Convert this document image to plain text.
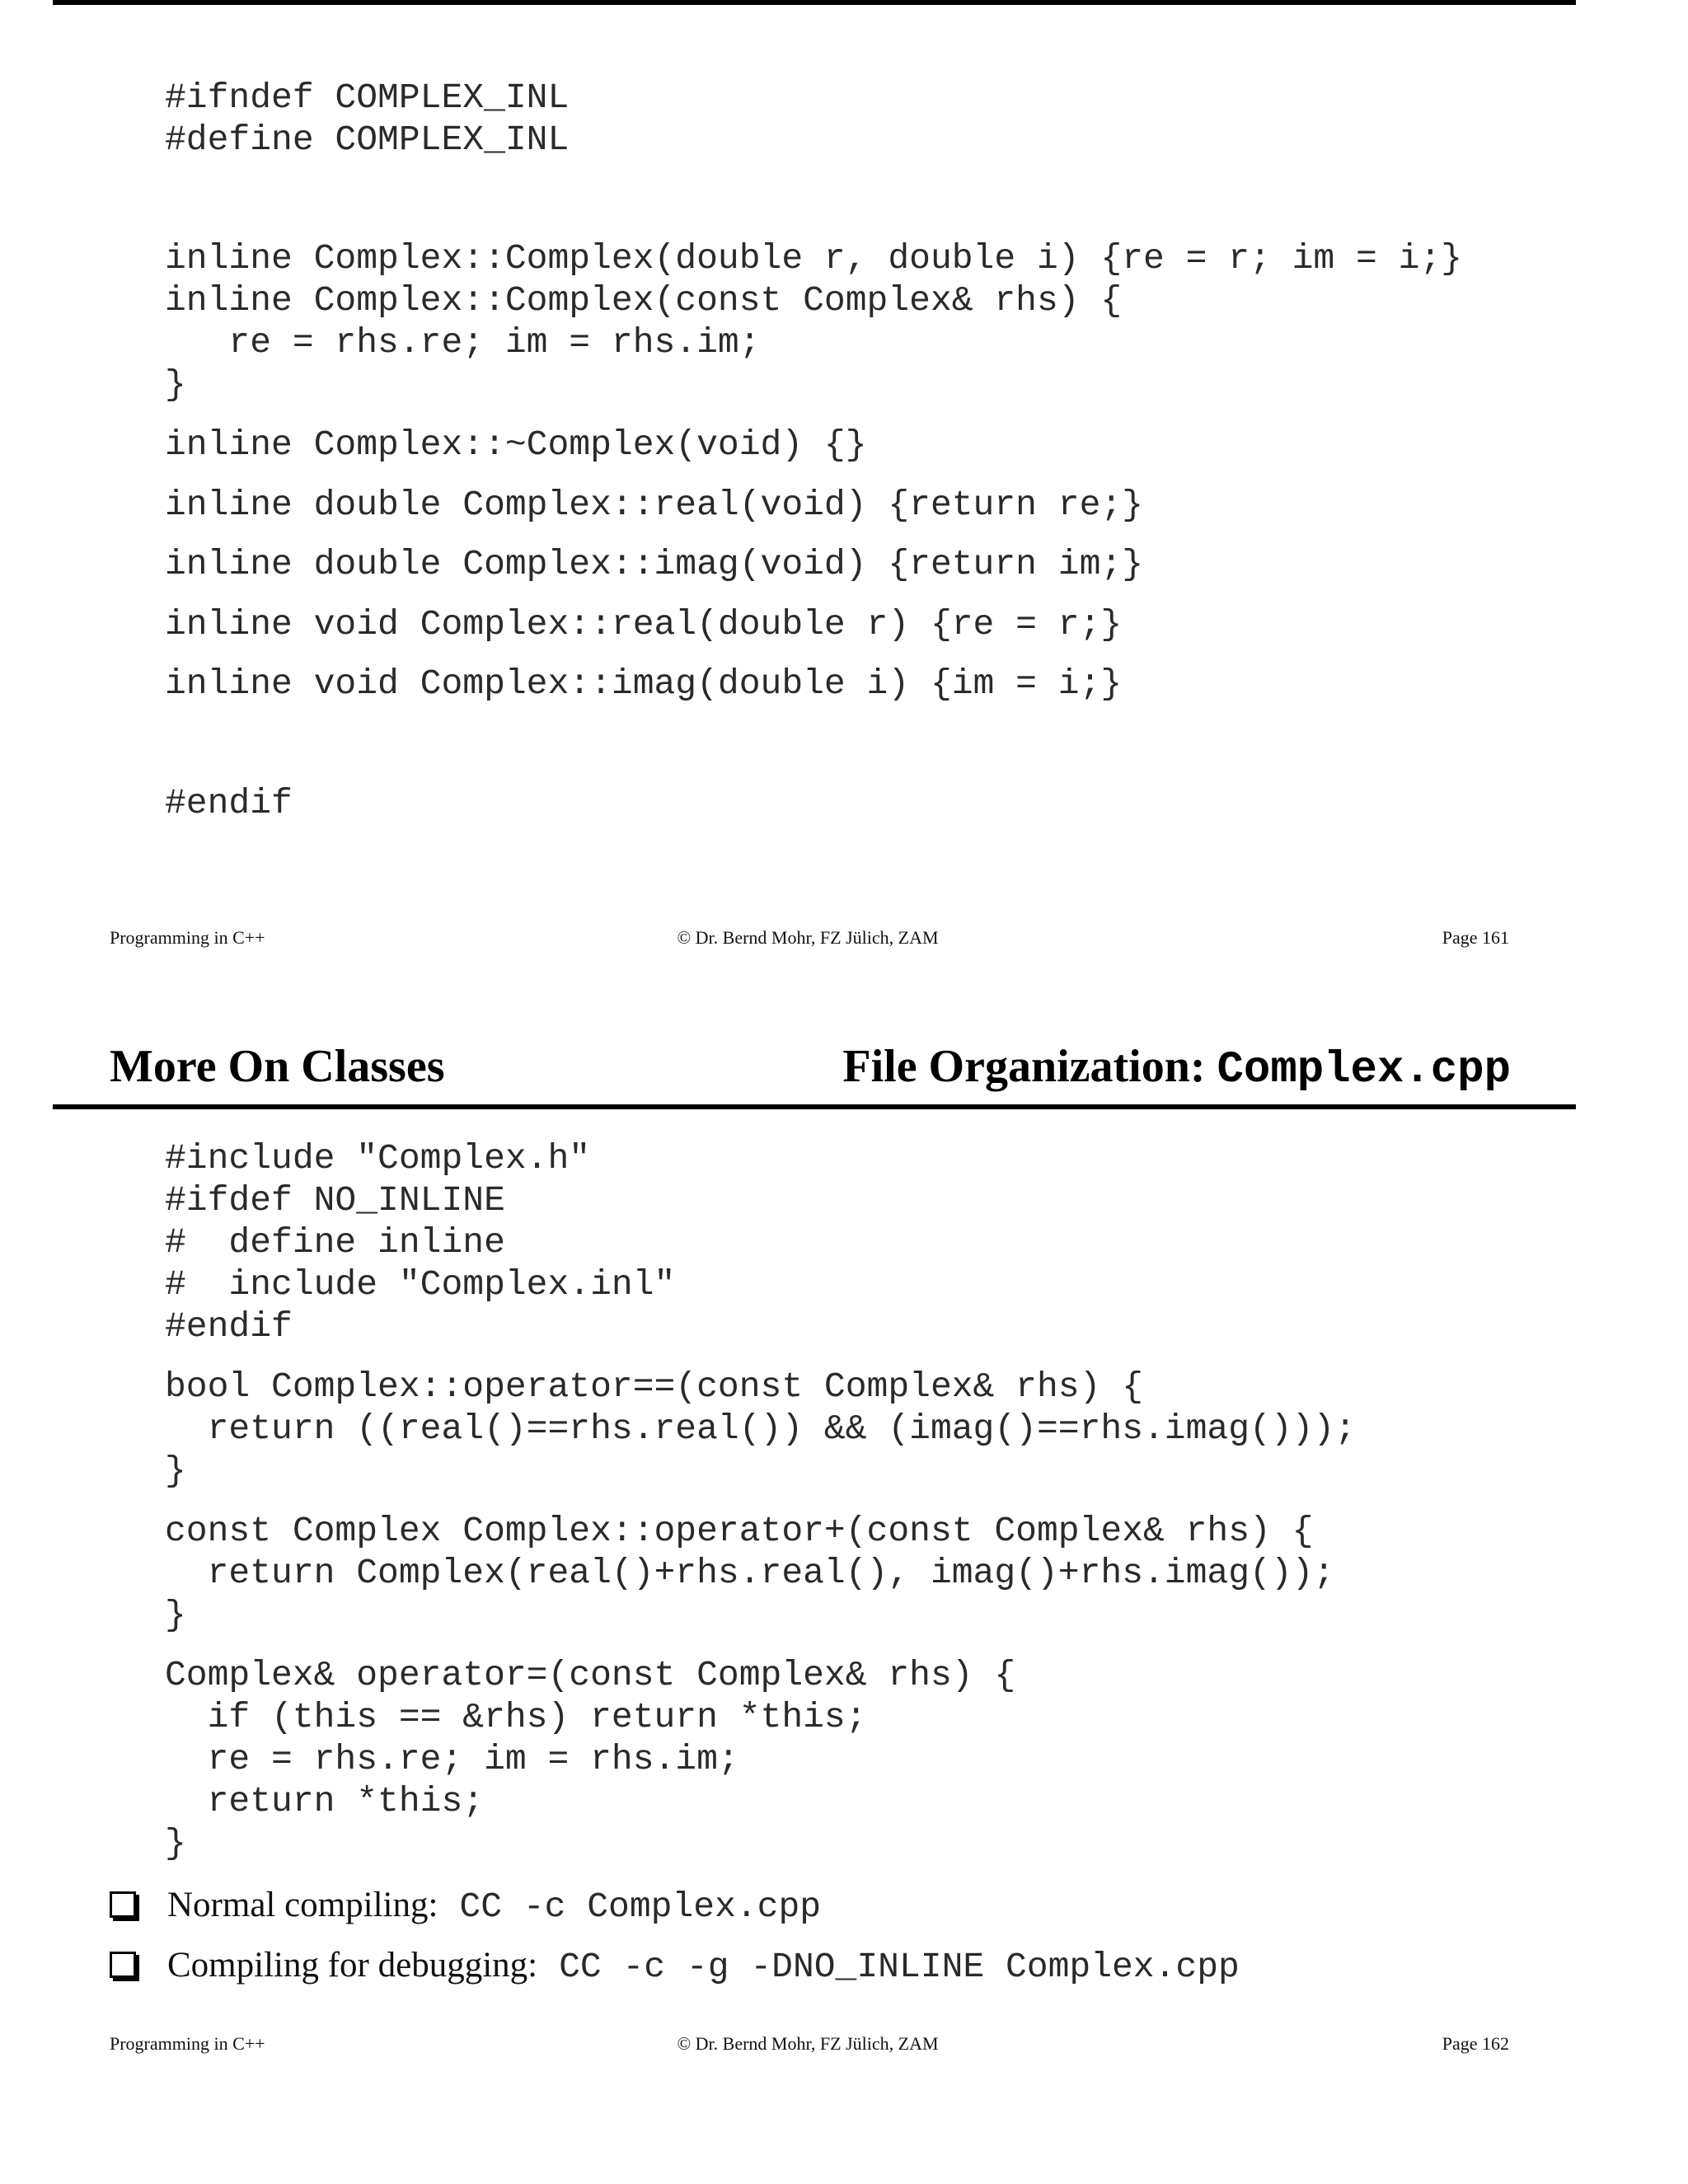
#ifndef COMPLEX_INL
#define COMPLEX_INL
inline Complex::Complex(double r, double i) {re = r; im = i;}
inline Complex::Complex(const Complex& rhs) {
re = rhs.re; im = rhs.im;
}
inline Complex::~Complex(void) {}
inline double Complex::real(void) {return re;}
inline double Complex::imag(void) {return im;}
inline void Complex::real(double r) {re = r;}
inline void Complex::imag(double i) {im = i;}
#endif
Programming in C++	© Dr. Bernd Mohr, FZ Jülich, ZAM	Page 161
More On Classes	File Organization: Complex.cpp
#include "Complex.h"
#ifdef NO_INLINE
#  define inline
#  include "Complex.inl"
#endif
bool Complex::operator==(const Complex& rhs) {
return ((real()==rhs.real()) && (imag()==rhs.imag()));
}
const Complex Complex::operator+(const Complex& rhs) {
return Complex(real()+rhs.real(), imag()+rhs.imag());
}
Complex& operator=(const Complex& rhs) {
if (this == &rhs) return *this;
re = rhs.re; im = rhs.im;
return *this;
}
Normal compiling: CC -c Complex.cpp
Compiling for debugging: CC -c -g -DNO_INLINE Complex.cpp
Programming in C++	© Dr. Bernd Mohr, FZ Jülich, ZAM	Page 162
